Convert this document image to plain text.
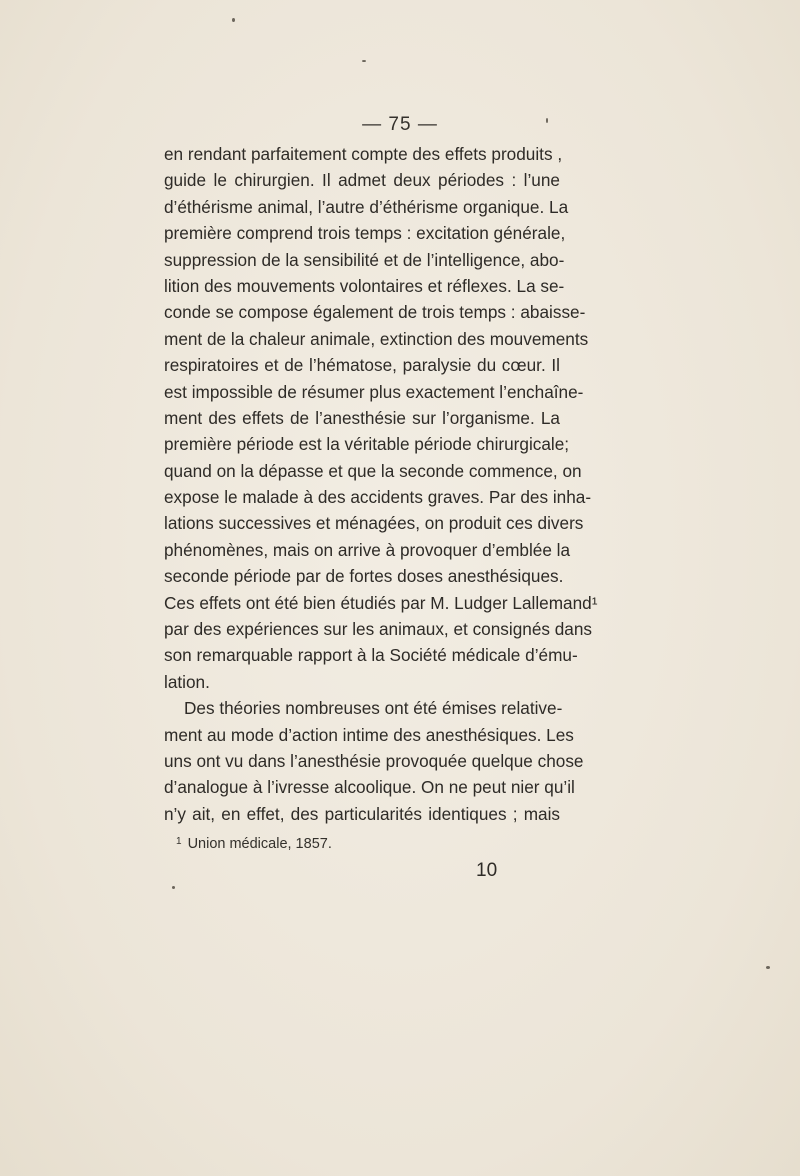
— 75 —
en rendant parfaitement compte des effets produits ,
guide le chirurgien. Il admet deux périodes : l’une
d’éthérisme animal, l’autre d’éthérisme organique. La
première comprend trois temps : excitation générale,
suppression de la sensibilité et de l’intelligence, abo-
lition des mouvements volontaires et réflexes. La se-
conde se compose également de trois temps : abaisse-
ment de la chaleur animale, extinction des mouvements
respiratoires et de l’hématose, paralysie du cœur. Il
est impossible de résumer plus exactement l’enchaîne-
ment des effets de l’anesthésie sur l’organisme. La
première période est la véritable période chirurgicale;
quand on la dépasse et que la seconde commence, on
expose le malade à des accidents graves. Par des inha-
lations successives et ménagées, on produit ces divers
phénomènes, mais on arrive à provoquer d’emblée la
seconde période par de fortes doses anesthésiques.
Ces effets ont été bien étudiés par M. Ludger Lallemand¹
par des expériences sur les animaux, et consignés dans
son remarquable rapport à la Société médicale d’ému-
lation.
Des théories nombreuses ont été émises relative-
ment au mode d’action intime des anesthésiques. Les
uns ont vu dans l’anesthésie provoquée quelque chose
d’analogue à l’ivresse alcoolique. On ne peut nier qu’il
n’y ait, en effet, des particularités identiques ; mais
$^1$ Union médicale, 1857.
10
